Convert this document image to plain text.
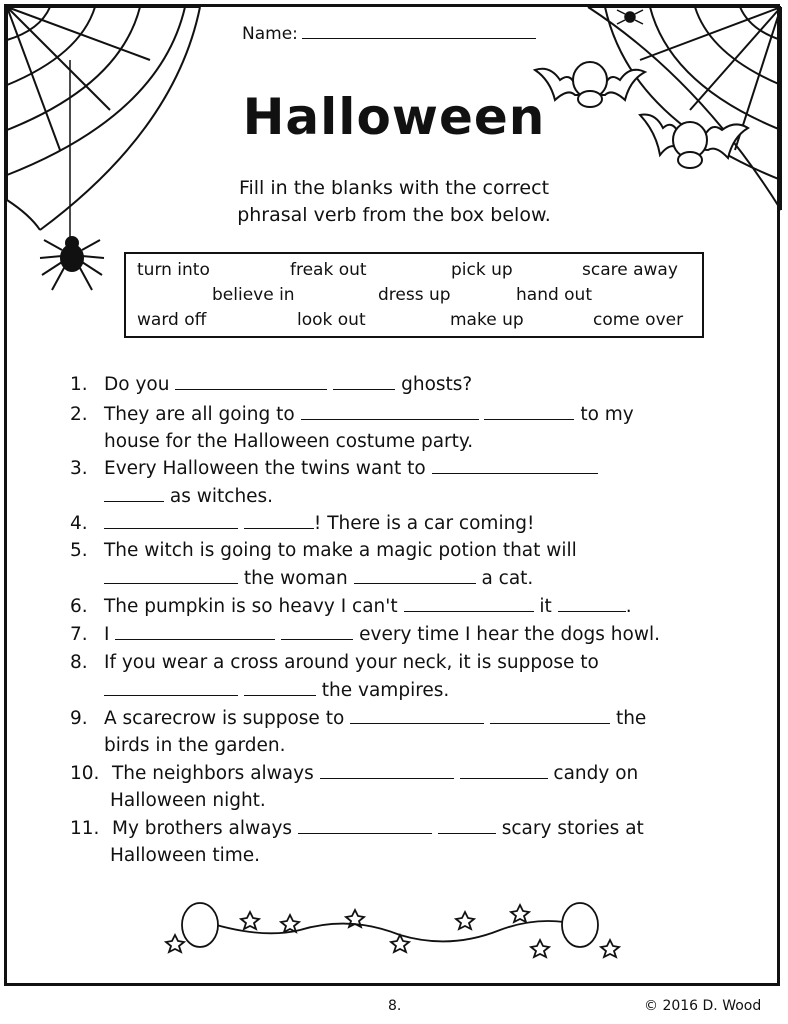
Name:
Halloween
Fill in the blanks with the correct
phrasal verb from the box below.
turn into	freak out	pick up	scare away
believe in	dress up	hand out
ward off	look out	make up	come over
1. Do you	ghosts?
2. They are all going to	to my
house for the Halloween costume party.
3. Every Halloween the twins want to
as witches.
4.	! There is a car coming!
5. The witch is going to make a magic potion that will
the woman	a cat.
6. The pumpkin is so heavy I can't	it	.
7. I	every time I hear the dogs howl.
8. If you wear a cross around your neck, it is suppose to
the vampires.
9. A scarecrow is suppose to	the
birds in the garden.
10. The neighbors always	candy on
Halloween night.
11. My brothers always	scary stories at
Halloween time.
8.	© 2016 D. Wood
